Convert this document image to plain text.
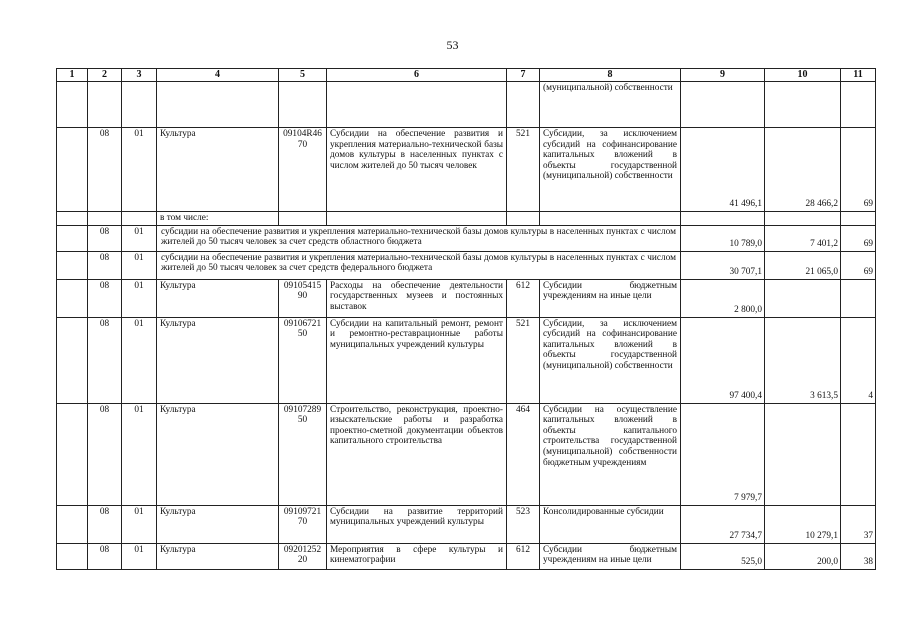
53
1	2	3	4	5	6	7	8	9	10	11
							(муниципальной) собственности			
	08	01	Культура	09104R4670	Субсидии на обеспечение развития и укрепления материально-технической базы домов культуры в населенных пунктах с числом жителей до 50 тысяч человек	521	Субсидии, за исключением субсидий на софинансирование капитальных вложений в объекты государственной (муниципальной) собственности	41 496,1	28 466,2	69
			в том числе:							
	08	01	субсидии на обеспечение развития и укрепления материально-технической базы домов культуры в населенных пунктах с числом жителей до 50 тысяч человек за счет средств областного бюджета					10 789,0	7 401,2	69
	08	01	субсидии на обеспечение развития и укрепления материально-технической базы домов культуры в населенных пунктах с числом жителей до 50 тысяч человек за счет средств федерального бюджета					30 707,1	21 065,0	69
	08	01	Культура	0910541590	Расходы на обеспечение деятельности государственных музеев и постоянных выставок	612	Субсидии бюджетным учреждениям на иные цели	2 800,0		
	08	01	Культура	0910672150	Субсидии на капитальный ремонт, ремонт и ремонтно-реставрационные работы муниципальных учреждений культуры	521	Субсидии, за исключением субсидий на софинансирование капитальных вложений в объекты государственной (муниципальной) собственности	97 400,4	3 613,5	4
	08	01	Культура	0910728950	Строительство, реконструкция, проектно-изыскательские работы и разработка проектно-сметной документации объектов капитального строительства	464	Субсидии на осуществление капитальных вложений в объекты капитального строительства государственной (муниципальной) собственности бюджетным учреждениям	7 979,7		
	08	01	Культура	0910972170	Субсидии на развитие территорий муниципальных учреждений культуры	523	Консолидированные субсидии	27 734,7	10 279,1	37
	08	01	Культура	0920125220	Мероприятия в сфере культуры и кинематографии	612	Субсидии бюджетным учреждениям на иные цели	525,0	200,0	38
